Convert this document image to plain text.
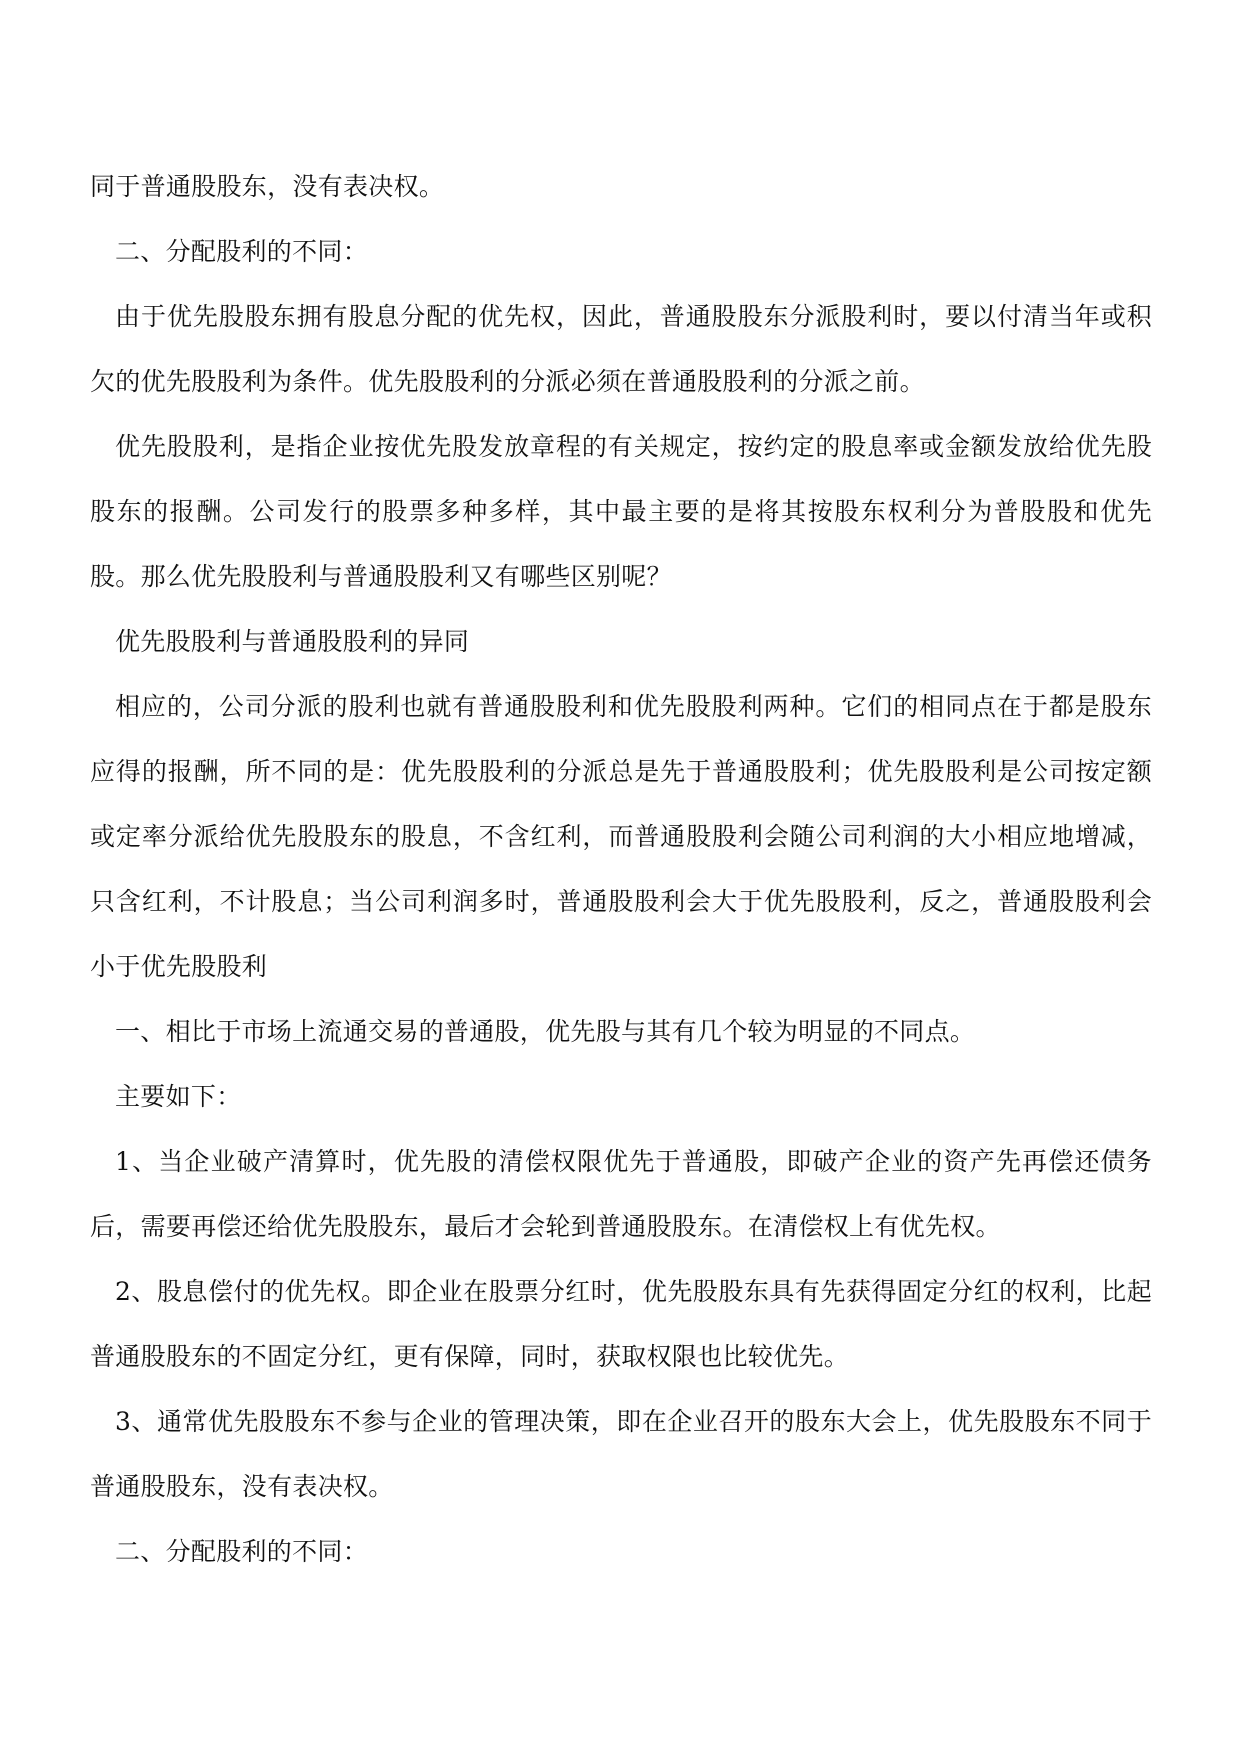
同于普通股股东，没有表决权。

二、分配股利的不同：

由于优先股股东拥有股息分配的优先权，因此，普通股股东分派股利时，要以付清当年或积欠的优先股股利为条件。优先股股利的分派必须在普通股股利的分派之前。

优先股股利，是指企业按优先股发放章程的有关规定，按约定的股息率或金额发放给优先股股东的报酬。公司发行的股票多种多样，其中最主要的是将其按股东权利分为普股股和优先股。那么优先股股利与普通股股利又有哪些区别呢？

优先股股利与普通股股利的异同

相应的，公司分派的股利也就有普通股股利和优先股股利两种。它们的相同点在于都是股东应得的报酬，所不同的是：优先股股利的分派总是先于普通股股利；优先股股利是公司按定额或定率分派给优先股股东的股息，不含红利，而普通股股利会随公司利润的大小相应地增减，只含红利，不计股息；当公司利润多时，普通股股利会大于优先股股利，反之，普通股股利会小于优先股股利

一、相比于市场上流通交易的普通股，优先股与其有几个较为明显的不同点。

主要如下：

1、当企业破产清算时，优先股的清偿权限优先于普通股，即破产企业的资产先再偿还债务后，需要再偿还给优先股股东，最后才会轮到普通股股东。在清偿权上有优先权。

2、股息偿付的优先权。即企业在股票分红时，优先股股东具有先获得固定分红的权利，比起普通股股东的不固定分红，更有保障，同时，获取权限也比较优先。

3、通常优先股股东不参与企业的管理决策，即在企业召开的股东大会上，优先股股东不同于普通股股东，没有表决权。

二、分配股利的不同：
